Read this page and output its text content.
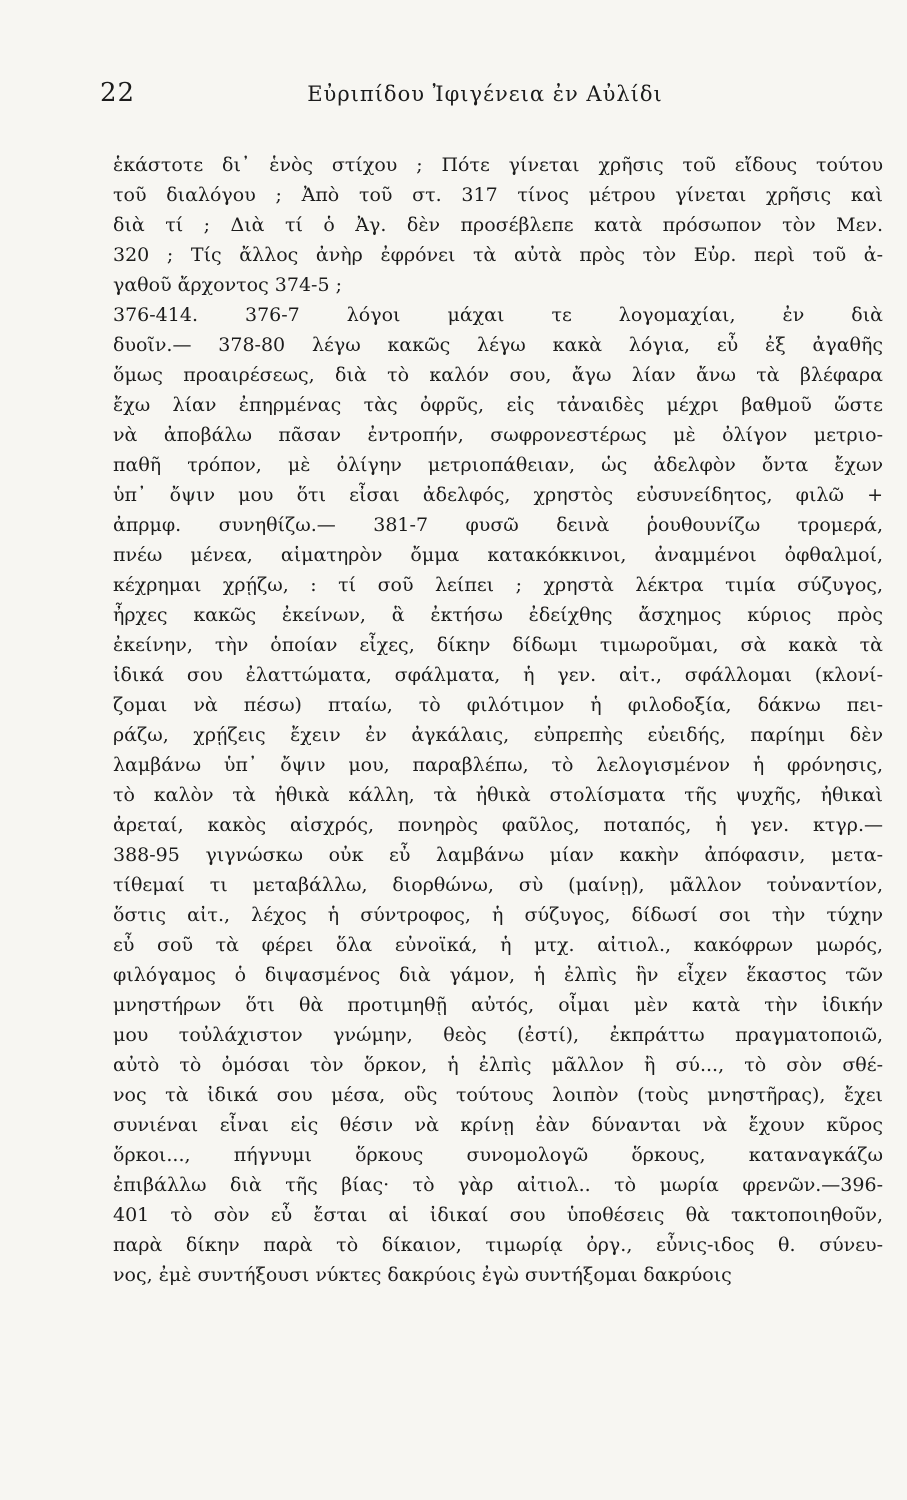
22	Εὐριπίδου Ἰφιγένεια ἐν Αὐλίδι
ἑκάστοτε δι᾽ ἑνὸς στίχου ; Πότε γίνεται χρῆσις τοῦ εἴδους τούτου
τοῦ διαλόγου ; Ἀπὸ τοῦ στ. 317 τίνος μέτρου γίνεται χρῆσις καὶ
διὰ τί ; Διὰ τί ὁ Ἀγ. δὲν προσέβλεπε κατὰ πρόσωπον τὸν Μεν.
320 ; Τίς ἄλλος ἀνὴρ ἐφρόνει τὰ αὐτὰ πρὸς τὸν Εὐρ. περὶ τοῦ ἀ-
γαθοῦ ἄρχοντος 374-5 ;
376-414. 376-7 λόγοι μάχαι τε λογομαχίαι, ἐν διὰ
δυοῖν.— 378-80 λέγω κακῶς λέγω κακὰ λόγια, εὖ ἐξ ἀγαθῆς
ὅμως προαιρέσεως, διὰ τὸ καλόν σου, ἄγω λίαν ἄνω τὰ βλέφαρα
ἔχω λίαν ἐπηρμένας τὰς ὀφρῦς, εἰς τἀναιδὲς μέχρι βαθμοῦ ὥστε
νὰ ἀποβάλω πᾶσαν ἐντροπήν, σωφρονεστέρως μὲ ὀλίγον μετριο-
παθῆ τρόπον, μὲ ὀλίγην μετριοπάθειαν, ὡς ἀδελφὸν ὄντα ἔχων
ὑπ᾽ ὄψιν μου ὅτι εἶσαι ἀδελφός, χρηστὸς εὐσυνείδητος, φιλῶ +
ἀπρμφ. συνηθίζω.— 381-7 φυσῶ δεινὰ ῥουθουνίζω τρομερά,
πνέω μένεα, αἱματηρὸν ὄμμα κατακόκκινοι, ἀναμμένοι ὀφθαλμοί,
κέχρημαι χρῄζω, : τί σοῦ λείπει ; χρηστὰ λέκτρα τιμία σύζυγος,
ἦρχες κακῶς ἐκείνων, ἃ ἐκτήσω ἐδείχθης ἄσχημος κύριος πρὸς
ἐκείνην, τὴν ὁποίαν εἶχες, δίκην δίδωμι τιμωροῦμαι, σὰ κακὰ τὰ
ἰδικά σου ἐλαττώματα, σφάλματα, ἡ γεν. αἰτ., σφάλλομαι (κλονί-
ζομαι νὰ πέσω) πταίω, τὸ φιλότιμον ἡ φιλοδοξία, δάκνω πει-
ράζω, χρῄζεις ἔχειν ἐν ἀγκάλαις, εὐπρεπὴς εὐειδής, παρίημι δὲν
λαμβάνω ὑπ᾽ ὄψιν μου, παραβλέπω, τὸ λελογισμένον ἡ φρόνησις,
τὸ καλὸν τὰ ἠθικὰ κάλλη, τὰ ἠθικὰ στολίσματα τῆς ψυχῆς, ἠθικαὶ
ἀρεταί, κακὸς αἰσχρός, πονηρὸς φαῦλος, ποταπός, ἡ γεν. κτγρ.—
388-95 γιγνώσκω οὐκ εὖ λαμβάνω μίαν κακὴν ἀπόφασιν, μετα-
τίθεμαί τι μεταβάλλω, διορθώνω, σὺ (μαίνῃ), μᾶλλον τοὐναντίον,
ὅστις αἰτ., λέχος ἡ σύντροφος, ἡ σύζυγος, δίδωσί σοι τὴν τύχην
εὖ σοῦ τὰ φέρει ὅλα εὐνοϊκά, ἡ μτχ. αἰτιολ., κακόφρων μωρός,
φιλόγαμος ὁ διψασμένος διὰ γάμον, ἡ ἐλπὶς ἣν εἶχεν ἕκαστος τῶν
μνηστήρων ὅτι θὰ προτιμηθῇ αὐτός, οἶμαι μὲν κατὰ τὴν ἰδικήν
μου τοὐλάχιστον γνώμην, θεὸς (ἐστί), ἐκπράττω πραγματοποιῶ,
αὐτὸ τὸ ὀμόσαι τὸν ὅρκον, ἡ ἐλπὶς μᾶλλον ἢ σύ..., τὸ σὸν σθέ-
νος τὰ ἰδικά σου μέσα, οὓς τούτους λοιπὸν (τοὺς μνηστῆρας), ἔχει
συνιέναι εἶναι εἰς θέσιν νὰ κρίνῃ ἐὰν δύνανται νὰ ἔχουν κῦρος
ὅρκοι..., πήγνυμι ὅρκους συνομολογῶ ὅρκους, καταναγκάζω
ἐπιβάλλω διὰ τῆς βίας· τὸ γὰρ αἰτιολ.. τὸ μωρία φρενῶν.—396-
401 τὸ σὸν εὖ ἔσται αἱ ἰδικαί σου ὑποθέσεις θὰ τακτοποιηθοῦν,
παρὰ δίκην παρὰ τὸ δίκαιον, τιμωρίᾳ ὀργ., εὖνις-ιδος θ. σύνευ-
νος, ἐμὲ συντήξουσι νύκτες δακρύοις ἐγὼ συντήξομαι δακρύοις
